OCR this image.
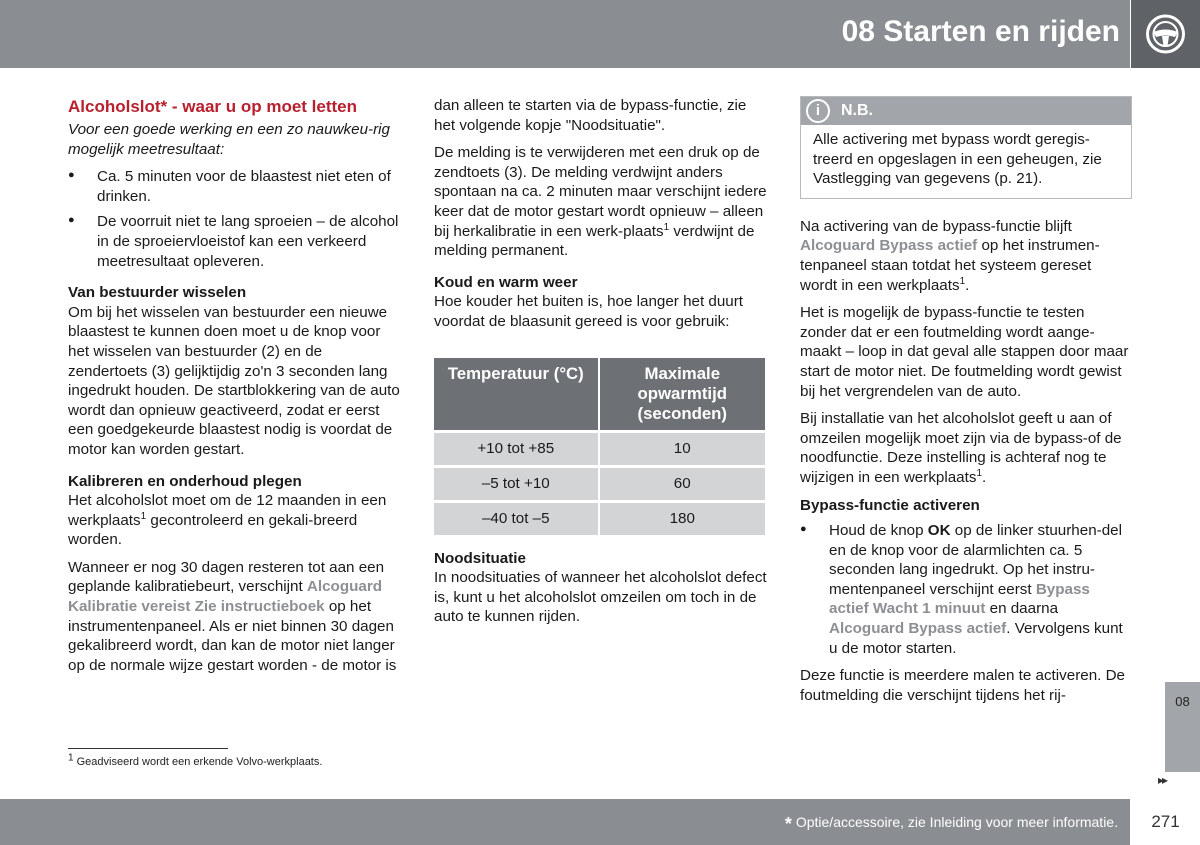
08 Starten en rijden
Alcoholslot* - waar u op moet letten

Voor een goede werking en een zo nauwkeu-rig mogelijk meetresultaat:

● Ca. 5 minuten voor de blaastest niet eten of drinken.
● De voorruit niet te lang sproeien – de alcohol in de sproeiervloeistof kan een verkeerd meetresultaat opleveren.
Van bestuurder wisselen

Om bij het wisselen van bestuurder een nieuwe blaastest te kunnen doen moet u de knop voor het wisselen van bestuurder (2) en de zendertoets (3) gelijktijdig zo'n 3 seconden lang ingedrukt houden. De startblokkering van de auto wordt dan opnieuw geactiveerd, zodat er eerst een goedgekeurde blaastest nodig is voordat de motor kan worden gestart.

Kalibreren en onderhoud plegen

Het alcoholslot moet om de 12 maanden in een werkplaats$^1$ gecontroleerd en gekali-breerd worden.

Wanneer er nog 30 dagen resteren tot aan een geplande kalibratiebeurt, verschijnt Alcoguard Kalibratie vereist Zie instructieboek op het instrumentenpaneel. Als er niet binnen 30 dagen gekalibreerd wordt, dan kan de motor niet langer op de normale wijze gestart worden - de motor is

dan alleen te starten via de bypass-functie, zie het volgende kopje "Noodsituatie".

De melding is te verwijderen met een druk op de zendtoets (3). De melding verdwijnt anders spontaan na ca. 2 minuten maar verschijnt iedere keer dat de motor gestart wordt opnieuw – alleen bij herkalibratie in een werk-plaats$^1$ verdwijnt de melding permanent.

Koud en warm weer

Hoe kouder het buiten is, hoe langer het duurt voordat de blaasunit gereed is voor gebruik:

Temperatuur (°C)	Maximale opwarmtijd (seconden)
+10 tot +85	10
–5 tot +10	60
–40 tot –5	180
Noodsituatie

In noodsituaties of wanneer het alcoholslot defect is, kunt u het alcoholslot omzeilen om toch in de auto te kunnen rijden.

i	N.B.
Alle activering met bypass wordt geregis-treerd en opgeslagen in een geheugen, zie Vastlegging van gegevens (p. 21).

Na activering van de bypass-functie blijft Alcoguard Bypass actief op het instrumen-tenpaneel staan totdat het systeem gereset wordt in een werkplaats$^1$.

Het is mogelijk de bypass-functie te testen zonder dat er een foutmelding wordt aange-maakt – loop in dat geval alle stappen door maar start de motor niet. De foutmelding wordt gewist bij het vergrendelen van de auto.

Bij installatie van het alcoholslot geeft u aan of omzeilen mogelijk moet zijn via de bypass-of de noodfunctie. Deze instelling is achteraf nog te wijzigen in een werkplaats$^1$.

Bypass-functie activeren
● Houd de knop OK op de linker stuurhen-del en de knop voor de alarmlichten ca. 5 seconden lang ingedrukt. Op het instru-mentenpaneel verschijnt eerst Bypass actief Wacht 1 minuut en daarna Alcoguard Bypass actief. Vervolgens kunt u de motor starten.

Deze functie is meerdere malen te activeren. De foutmelding die verschijnt tijdens het rij-

$^1$ Geadviseerd wordt een erkende Volvo-werkplaats.
08
▸▸
* Optie/accessoire, zie Inleiding voor meer informatie.	271
